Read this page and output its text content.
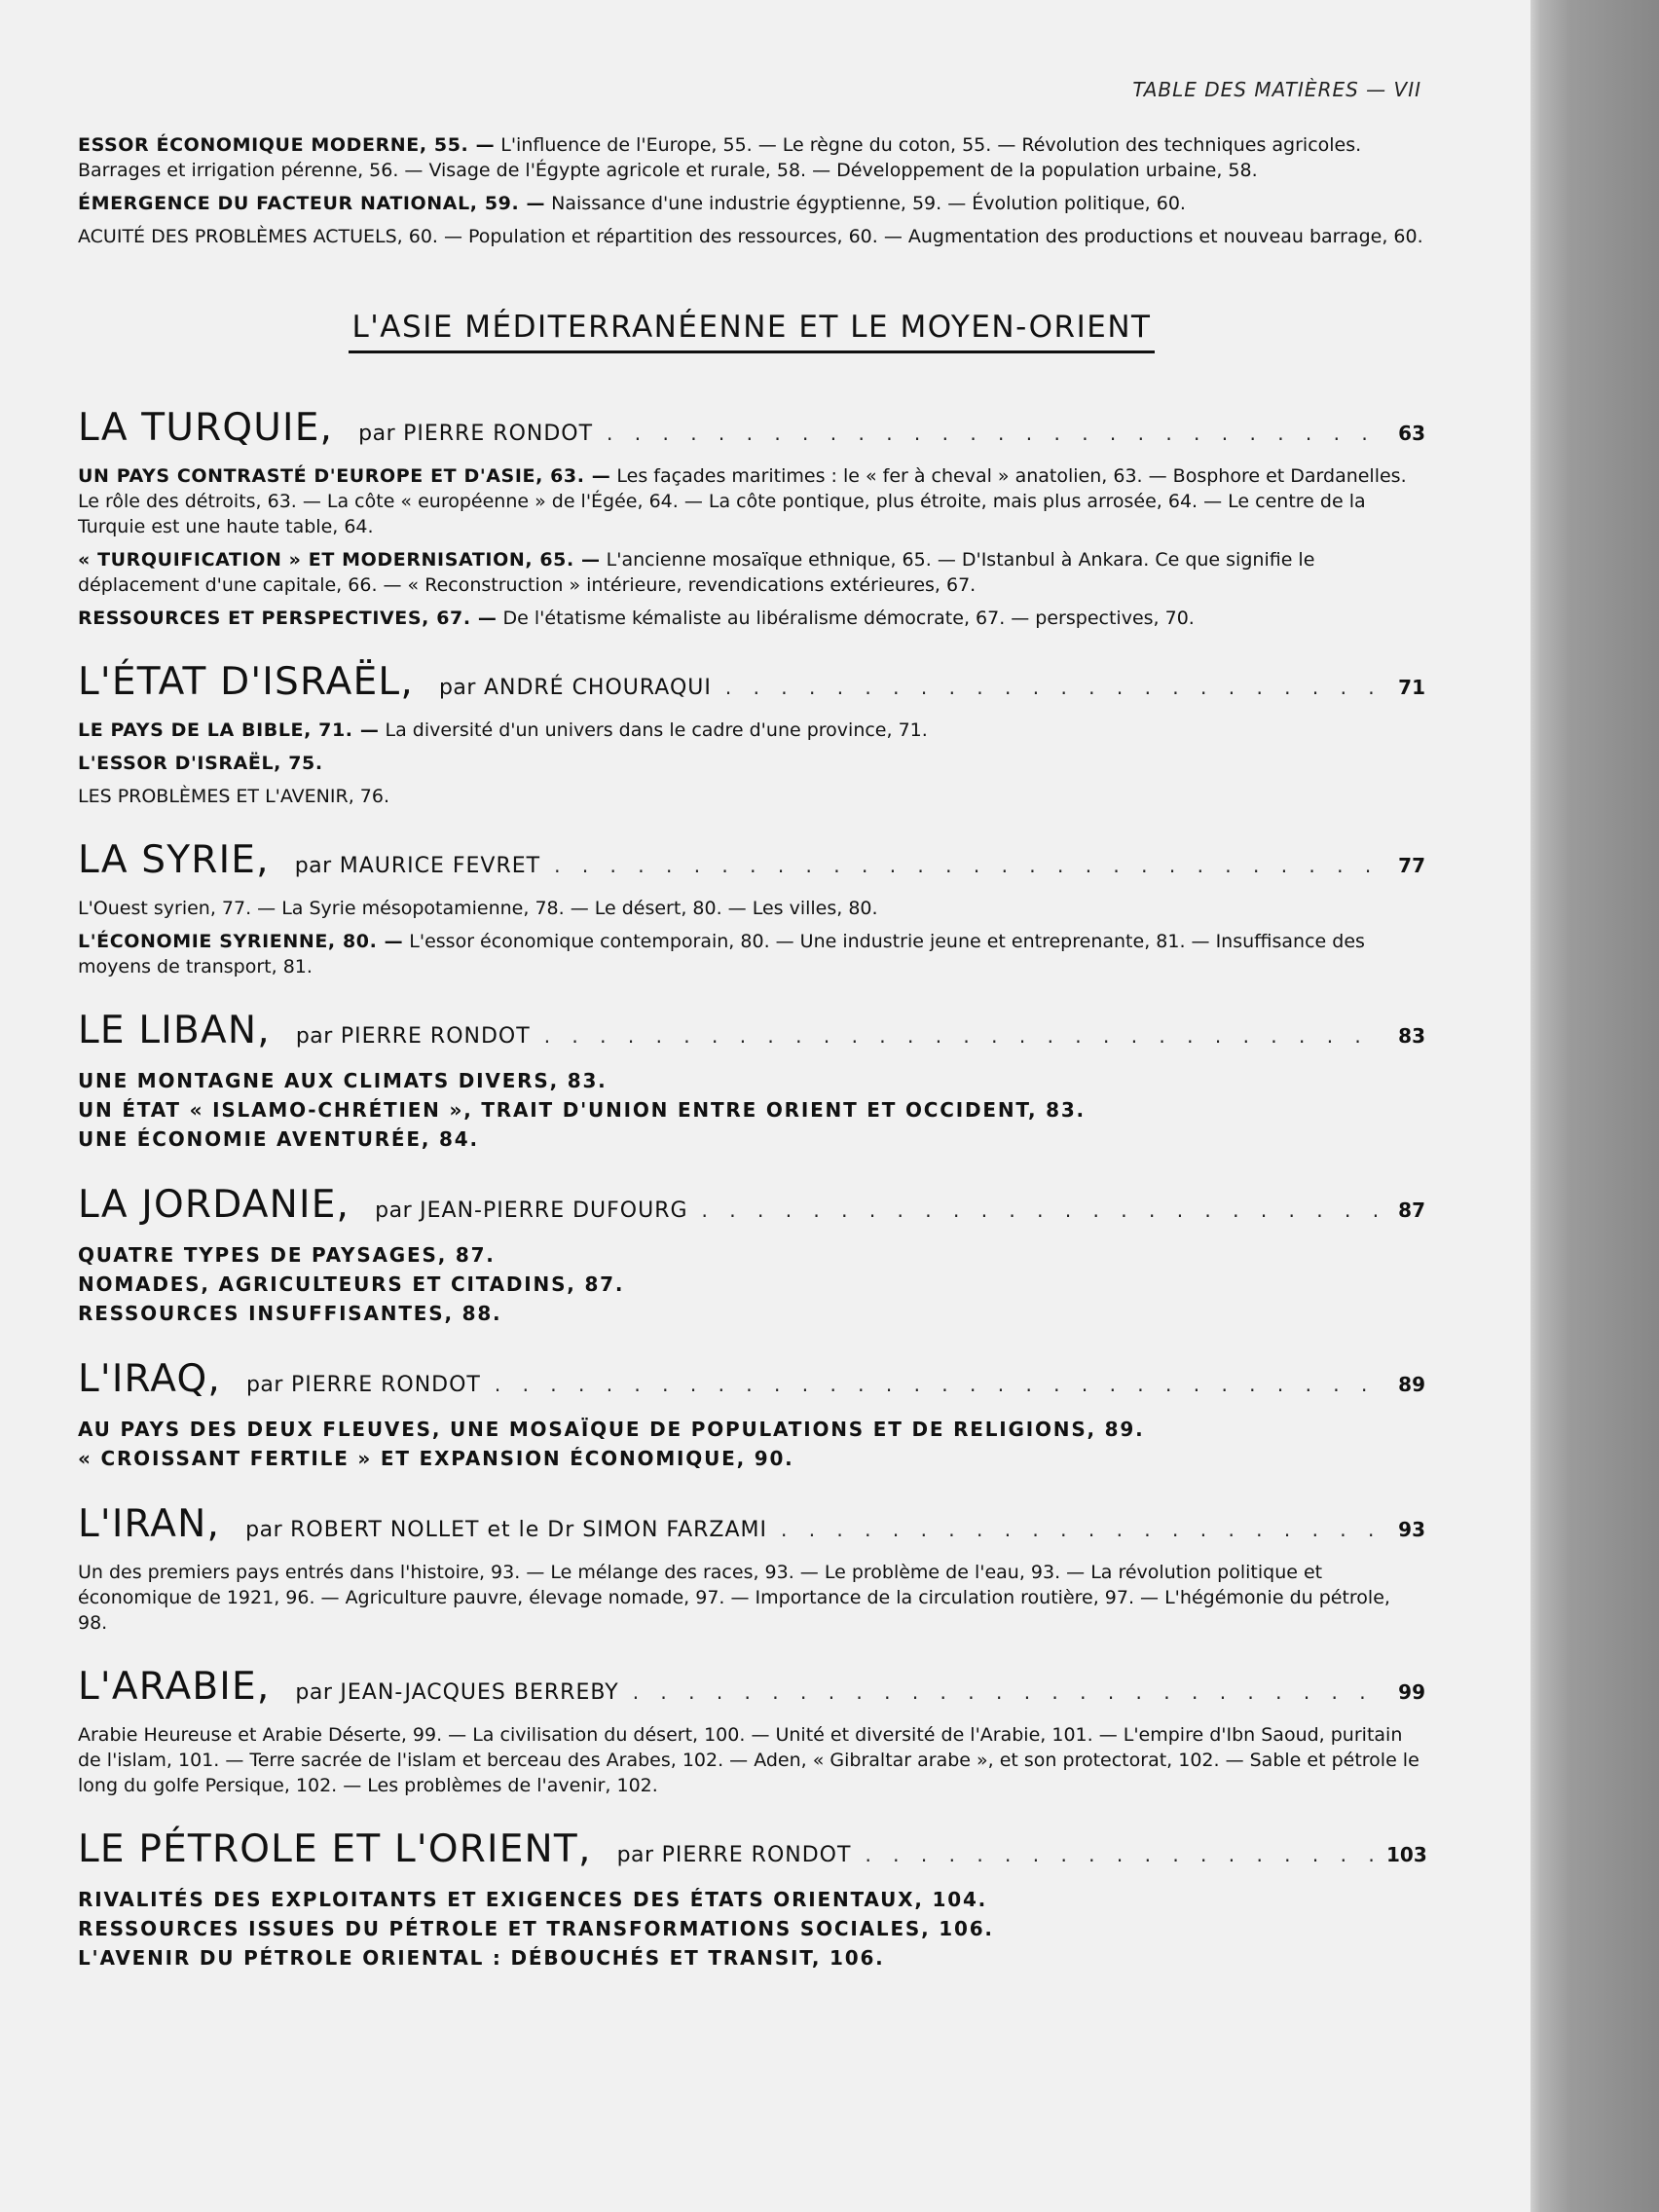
TABLE DES MATIÈRES — VII

ESSOR ÉCONOMIQUE MODERNE, 55. — L'influence de l'Europe, 55. — Le règne du coton, 55. — Révolution des techniques agricoles. Barrages et irrigation pérenne, 56. — Visage de l'Égypte agricole et rurale, 58. — Développement de la population urbaine, 58.

ÉMERGENCE DU FACTEUR NATIONAL, 59. — Naissance d'une industrie égyptienne, 59. — Évolution politique, 60.

ACUITÉ DES PROBLÈMES ACTUELS, 60. — Population et répartition des ressources, 60. — Augmentation des productions et nouveau barrage, 60.

L'ASIE MÉDITERRANÉENNE ET LE MOYEN-ORIENT
LA TURQUIE, par PIERRE RONDOT . . .	63

UN PAYS CONTRASTÉ D'EUROPE ET D'ASIE, 63. — Les façades maritimes : le « fer à cheval » anatolien, 63. — Bosphore et Dardanelles. Le rôle des détroits, 63. — La côte « européenne » de l'Égée, 64. — La côte pontique, plus étroite, mais plus arrosée, 64. — Le centre de la Turquie est une haute table, 64.

« TURQUIFICATION » ET MODERNISATION, 65. — L'ancienne mosaïque ethnique, 65. — D'Istanbul à Ankara. Ce que signifie le déplacement d'une capitale, 66. — « Reconstruction » intérieure, revendications extérieures, 67.

RESSOURCES ET PERSPECTIVES, 67. — De l'étatisme kémaliste au libéralisme démocrate, 67. — perspectives, 70.

L'ÉTAT D'ISRAËL, par ANDRÉ CHOURAQUI . . .	71

LE PAYS DE LA BIBLE, 71. — La diversité d'un univers dans le cadre d'une province, 71.

L'ESSOR D'ISRAËL, 75.

LES PROBLÈMES ET L'AVENIR, 76.

LA SYRIE, par MAURICE FEVRET . . .	77

L'Ouest syrien, 77. — La Syrie mésopotamienne, 78. — Le désert, 80. — Les villes, 80.

L'ÉCONOMIE SYRIENNE, 80. — L'essor économique contemporain, 80. — Une industrie jeune et entreprenante, 81. — Insuffisance des moyens de transport, 81.

LE LIBAN, par PIERRE RONDOT . . .	83
UNE MONTAGNE AUX CLIMATS DIVERS, 83.
UN ÉTAT « ISLAMO-CHRÉTIEN », TRAIT D'UNION ENTRE ORIENT ET OCCIDENT, 83.
UNE ÉCONOMIE AVENTURÉE, 84.
LA JORDANIE, par JEAN-PIERRE DUFOURG . . .	87
QUATRE TYPES DE PAYSAGES, 87.
NOMADES, AGRICULTEURS ET CITADINS, 87.
RESSOURCES INSUFFISANTES, 88.
L'IRAQ, par PIERRE RONDOT . . .	89
AU PAYS DES DEUX FLEUVES, UNE MOSAÏQUE DE POPULATIONS ET DE RELIGIONS, 89.
« CROISSANT FERTILE » ET EXPANSION ÉCONOMIQUE, 90.
L'IRAN, par ROBERT NOLLET et le Dr SIMON FARZAMI . . .	93

Un des premiers pays entrés dans l'histoire, 93. — Le mélange des races, 93. — Le problème de l'eau, 93. — La révolution politique et économique de 1921, 96. — Agriculture pauvre, élevage nomade, 97. — Importance de la circulation routière, 97. — L'hégémonie du pétrole, 98.

L'ARABIE, par JEAN-JACQUES BERREBY . . .	99

Arabie Heureuse et Arabie Déserte, 99. — La civilisation du désert, 100. — Unité et diversité de l'Arabie, 101. — L'empire d'Ibn Saoud, puritain de l'islam, 101. — Terre sacrée de l'islam et berceau des Arabes, 102. — Aden, « Gibraltar arabe », et son protectorat, 102. — Sable et pétrole le long du golfe Persique, 102. — Les problèmes de l'avenir, 102.

LE PÉTROLE ET L'ORIENT, par PIERRE RONDOT . . .	103
RIVALITÉS DES EXPLOITANTS ET EXIGENCES DES ÉTATS ORIENTAUX, 104.
RESSOURCES ISSUES DU PÉTROLE ET TRANSFORMATIONS SOCIALES, 106.
L'AVENIR DU PÉTROLE ORIENTAL : DÉBOUCHÉS ET TRANSIT, 106.
